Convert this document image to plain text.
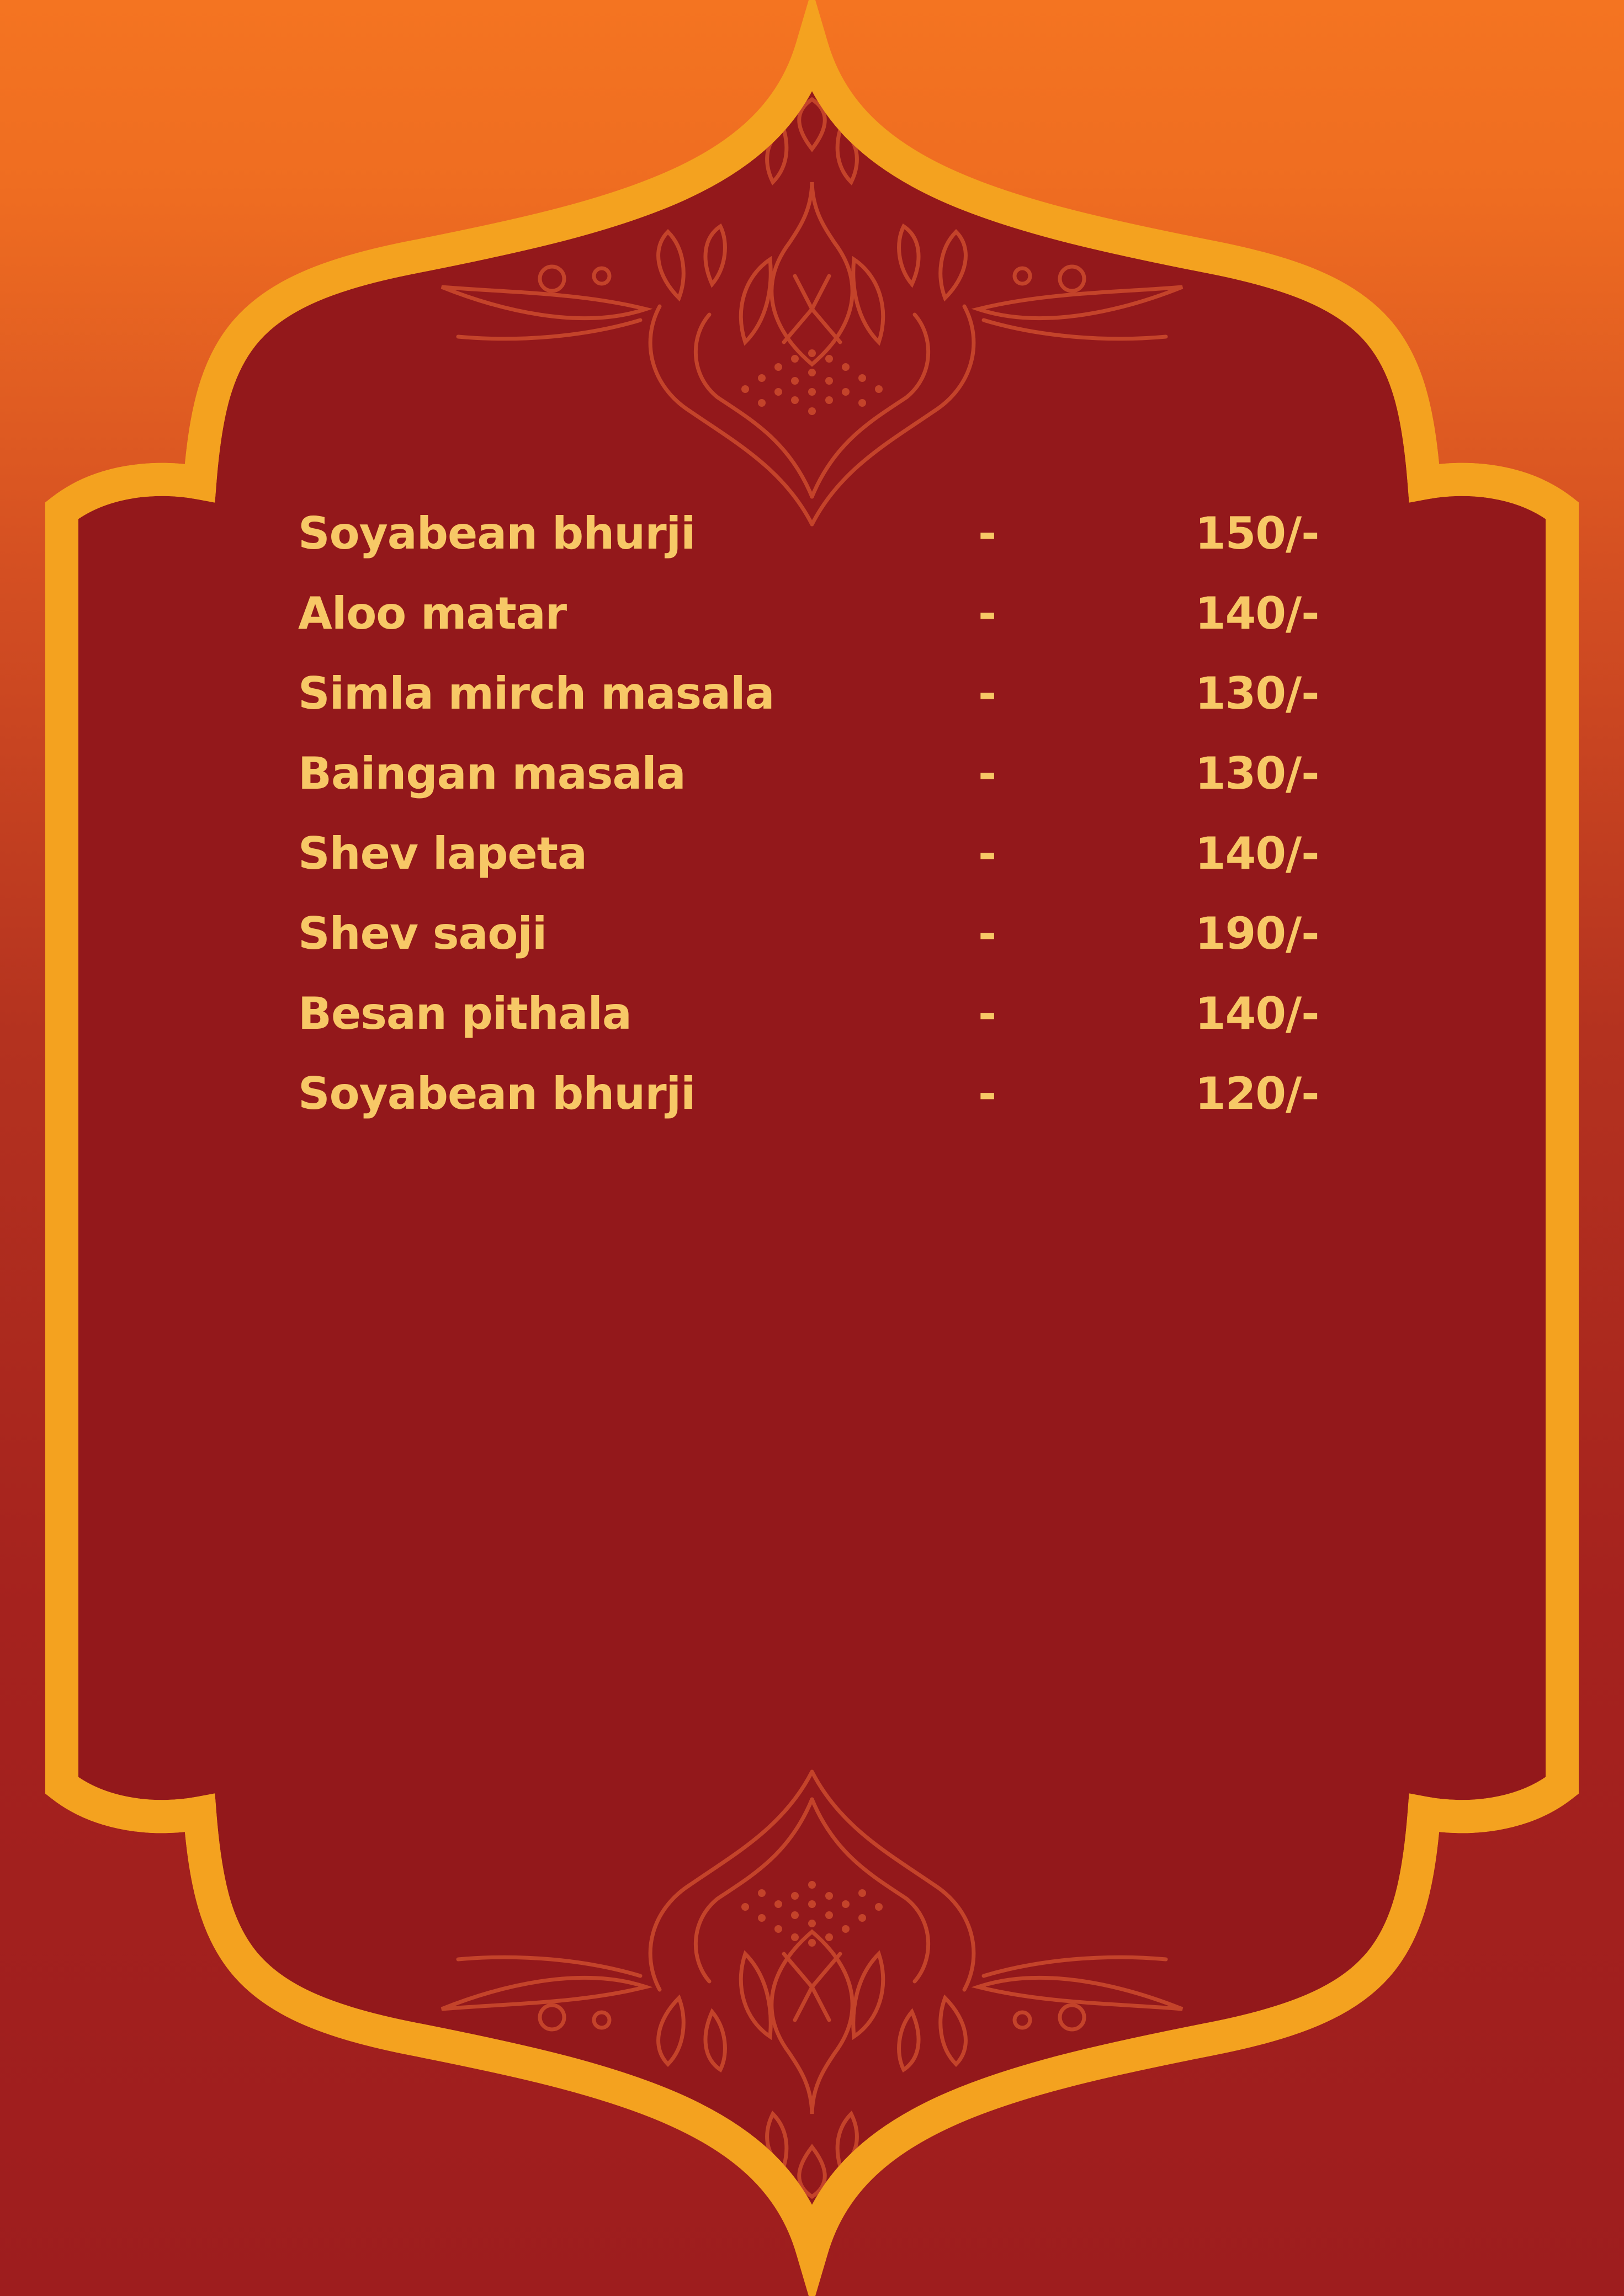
Soyabean bhurji	-	150/-
Aloo matar	-	140/-
Simla mirch masala	-	130/-
Baingan masala	-	130/-
Shev lapeta	-	140/-
Shev saoji	-	190/-
Besan pithala	-	140/-
Soyabean bhurji	-	120/-
